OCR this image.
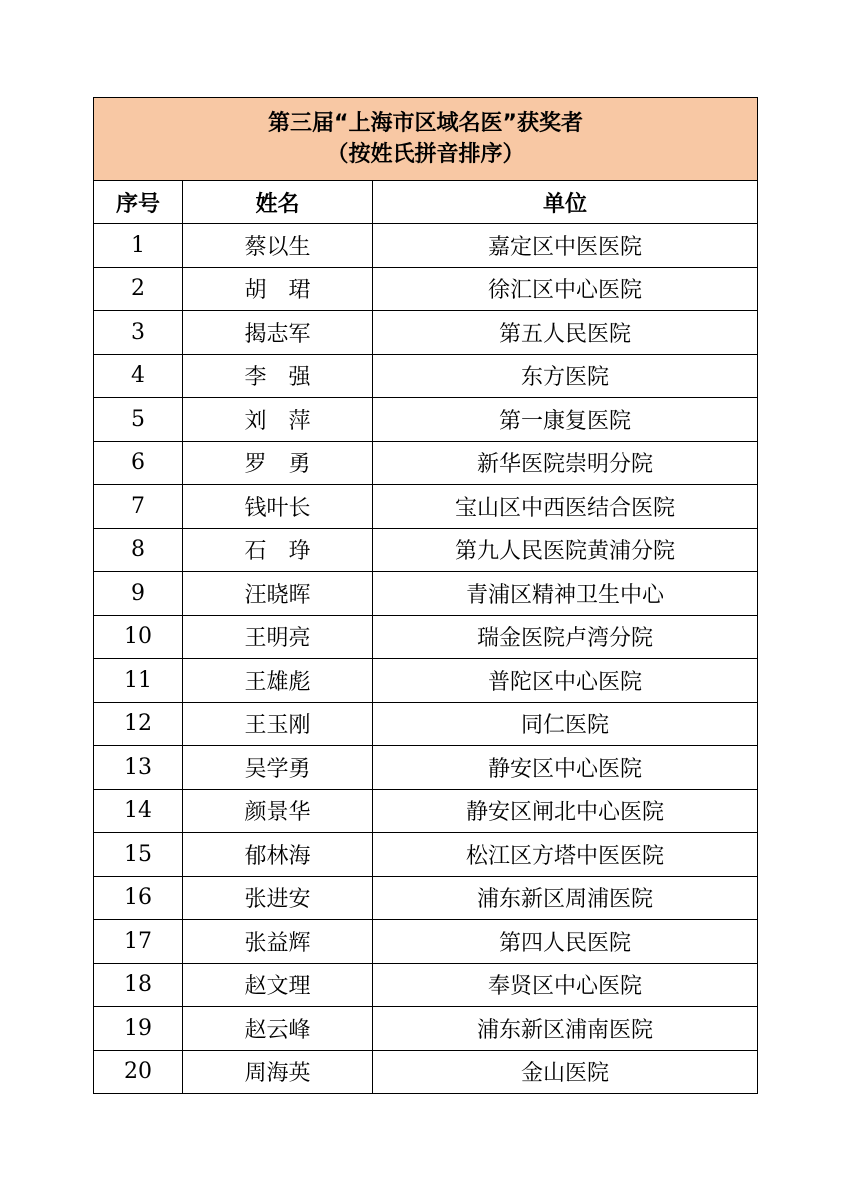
第三届“上海市区域名医”获奖者
（按姓氏拼音排序）		

序号	姓名	单位
1	蔡以生	嘉定区中医医院
2	胡　珺	徐汇区中心医院
3	揭志军	第五人民医院
4	李　强	东方医院
5	刘　萍	第一康复医院
6	罗　勇	新华医院崇明分院
7	钱叶长	宝山区中西医结合医院
8	石　琤	第九人民医院黄浦分院
9	汪晓晖	青浦区精神卫生中心
10	王明亮	瑞金医院卢湾分院
11	王雄彪	普陀区中心医院
12	王玉刚	同仁医院
13	吴学勇	静安区中心医院
14	颜景华	静安区闸北中心医院
15	郁林海	松江区方塔中医医院
16	张进安	浦东新区周浦医院
17	张益辉	第四人民医院
18	赵文理	奉贤区中心医院
19	赵云峰	浦东新区浦南医院
20	周海英	金山医院
